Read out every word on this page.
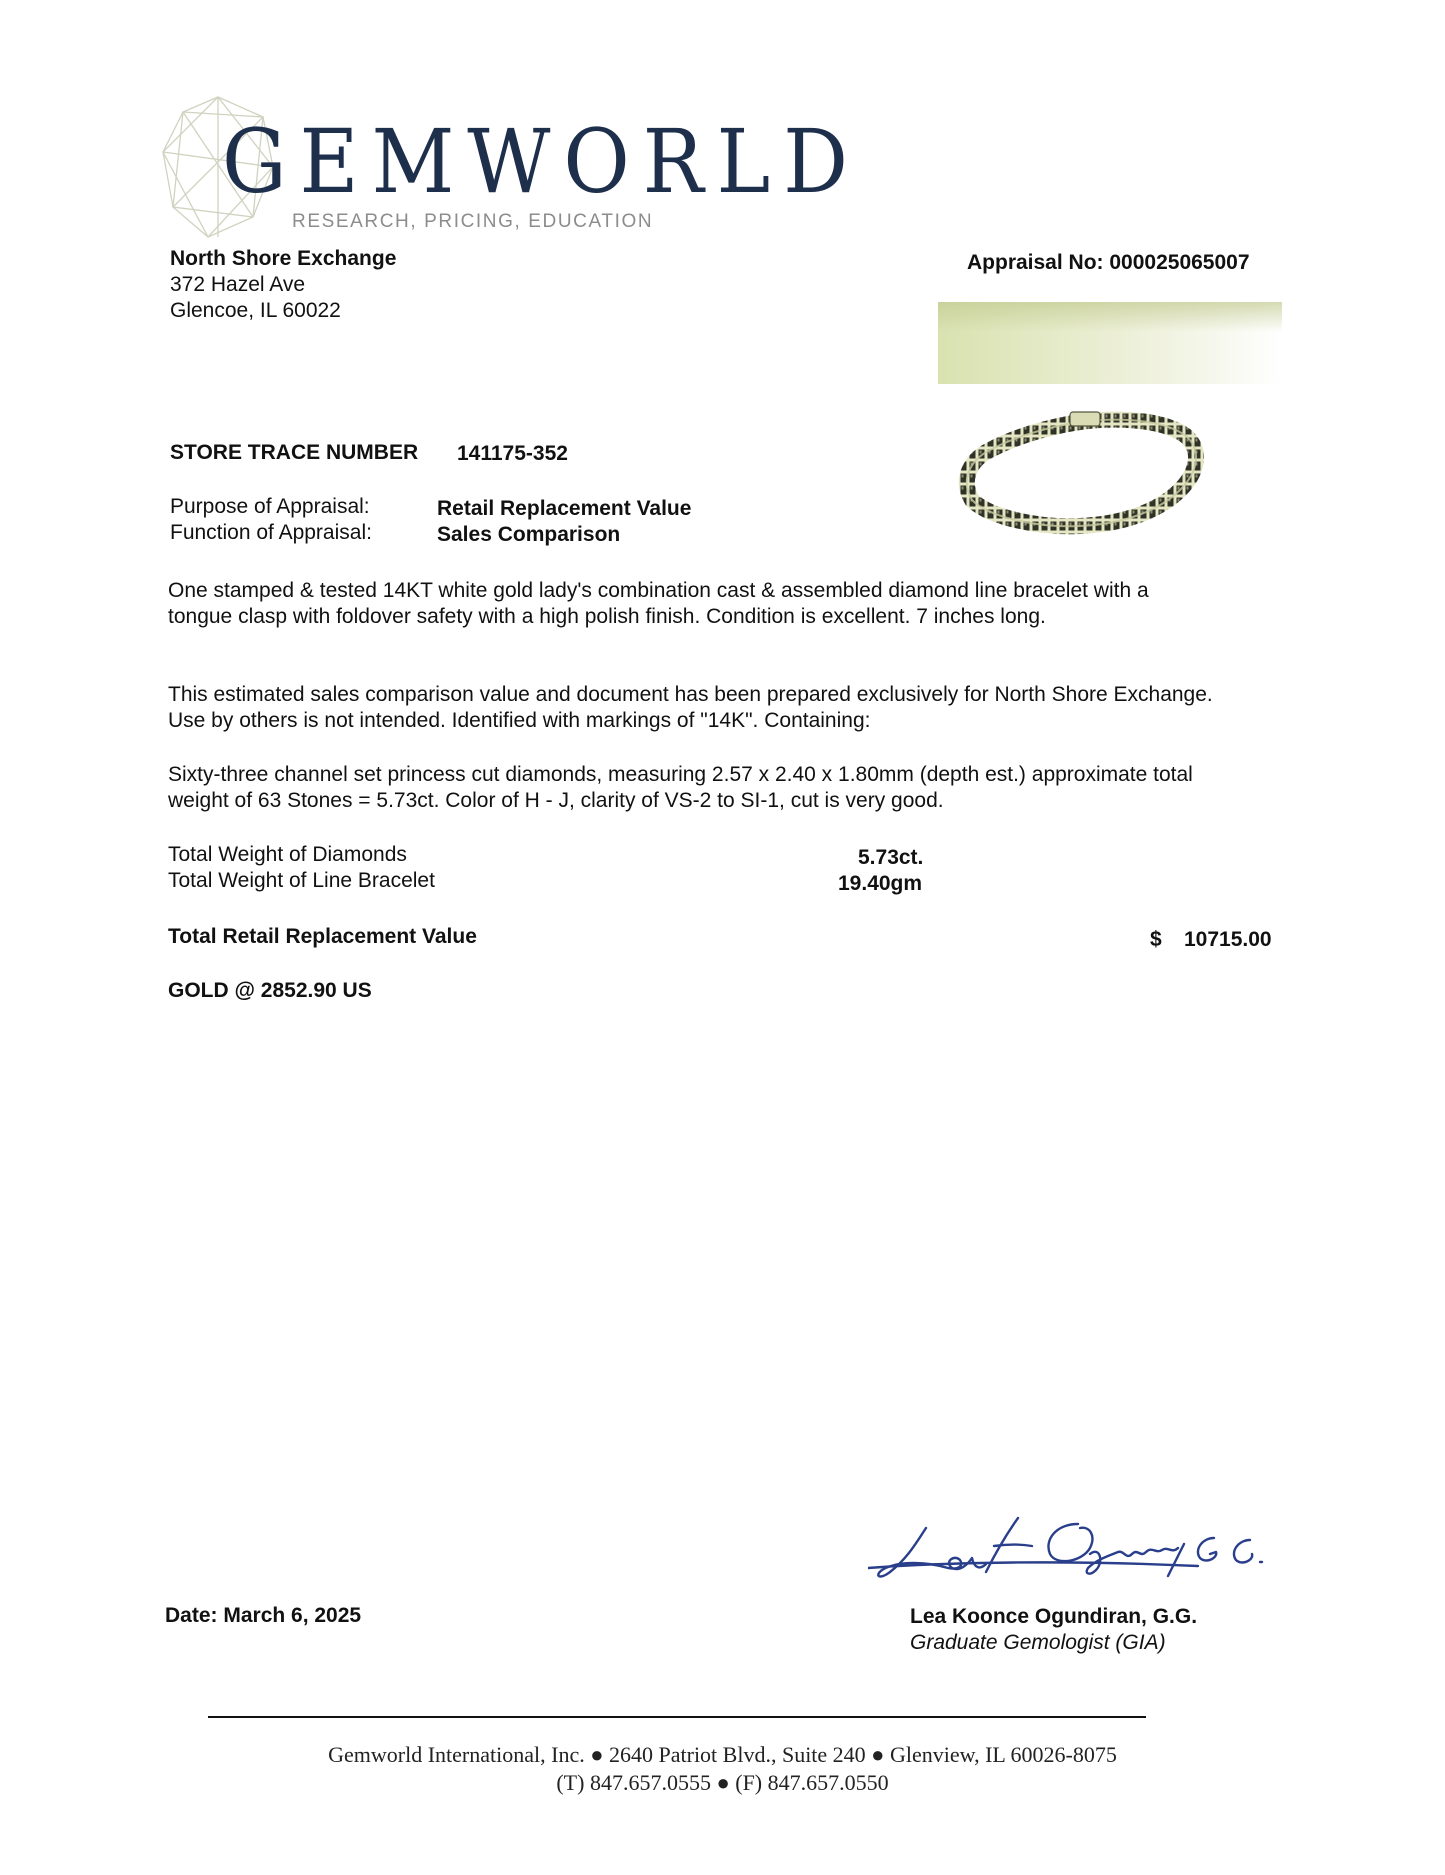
GEMWORLD
RESEARCH, PRICING, EDUCATION
North Shore Exchange
372 Hazel Ave
Glencoe, IL 60022
Appraisal No: 000025065007
STORE TRACE NUMBER 141175-352
Purpose of Appraisal:	Retail Replacement Value
Function of Appraisal:	Sales Comparison
One stamped & tested 14KT white gold lady's combination cast & assembled diamond line bracelet with a tongue clasp with foldover safety with a high polish finish. Condition is excellent. 7 inches long.
This estimated sales comparison value and document has been prepared exclusively for North Shore Exchange. Use by others is not intended. Identified with markings of "14K". Containing:
Sixty-three channel set princess cut diamonds, measuring 2.57 x 2.40 x 1.80mm (depth est.) approximate total weight of 63 Stones = 5.73ct. Color of H - J, clarity of VS-2 to SI-1, cut is very good.
Total Weight of Diamonds	5.73ct.
Total Weight of Line Bracelet	19.40gm
Total Retail Replacement Value	$ 10715.00
GOLD @ 2852.90 US
Date: March 6, 2025	Lea Koonce Ogundiran, G.G.
Graduate Gemologist (GIA)
Gemworld International, Inc. ● 2640 Patriot Blvd., Suite 240 ● Glenview, IL 60026-8075
(T) 847.657.0555 ● (F) 847.657.0550
